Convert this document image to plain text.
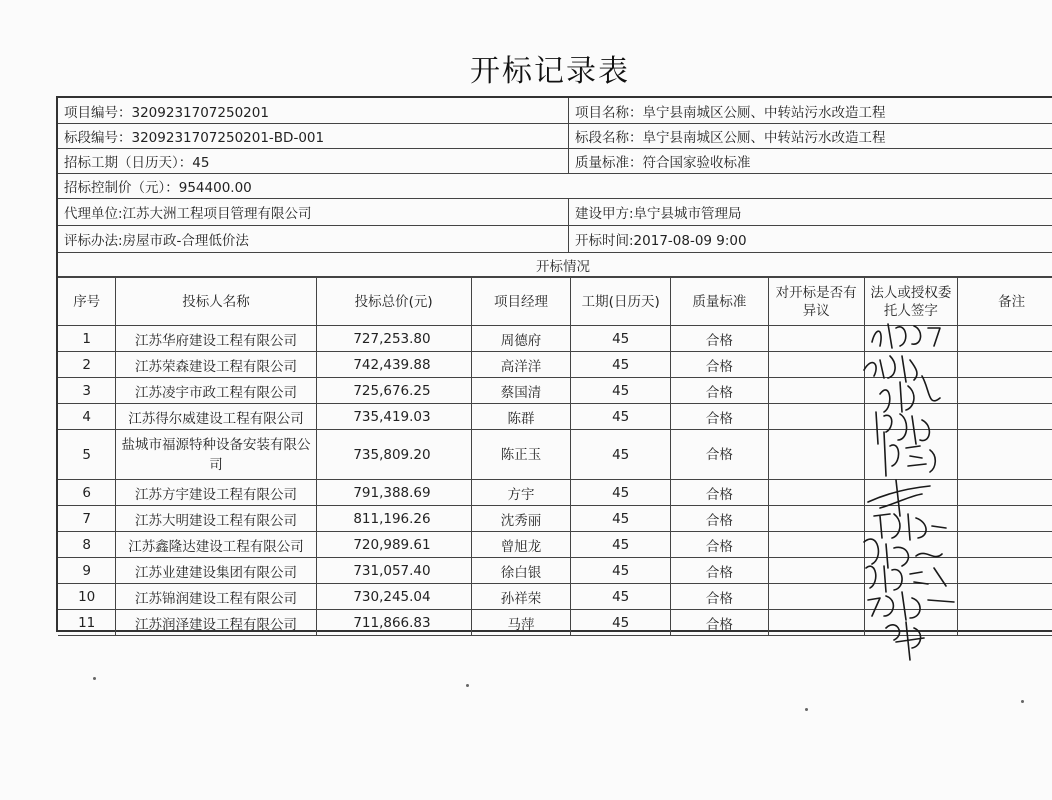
开标记录表
项目编号：3209231707250201	项目名称：阜宁县南城区公厕、中转站污水改造工程
标段编号：3209231707250201-BD-001	标段名称：阜宁县南城区公厕、中转站污水改造工程
招标工期（日历天）：45	质量标准：符合国家验收标准
招标控制价（元）：954400.00
代理单位:江苏大洲工程项目管理有限公司	建设甲方:阜宁县城市管理局
评标办法:房屋市政-合理低价法	开标时间:2017-08-09 9:00
开标情况
序号	投标人名称	投标总价(元)	项目经理	工期(日历天)	质量标准	对开标是否有异议	法人或授权委托人签字	备注
1	江苏华府建设工程有限公司	727,253.80	周德府	45	合格			
2	江苏荣森建设工程有限公司	742,439.88	高洋洋	45	合格			
3	江苏凌宇市政工程有限公司	725,676.25	蔡国清	45	合格			
4	江苏得尔威建设工程有限公司	735,419.03	陈群	45	合格			
5	盐城市福源特种设备安装有限公司	735,809.20	陈正玉	45	合格			
6	江苏方宇建设工程有限公司	791,388.69	方宇	45	合格			
7	江苏大明建设工程有限公司	811,196.26	沈秀丽	45	合格			
8	江苏鑫隆达建设工程有限公司	720,989.61	曾旭龙	45	合格			
9	江苏业建建设集团有限公司	731,057.40	徐白银	45	合格			
10	江苏锦润建设工程有限公司	730,245.04	孙祥荣	45	合格			
11	江苏润泽建设工程有限公司	711,866.83	马萍	45	合格			
